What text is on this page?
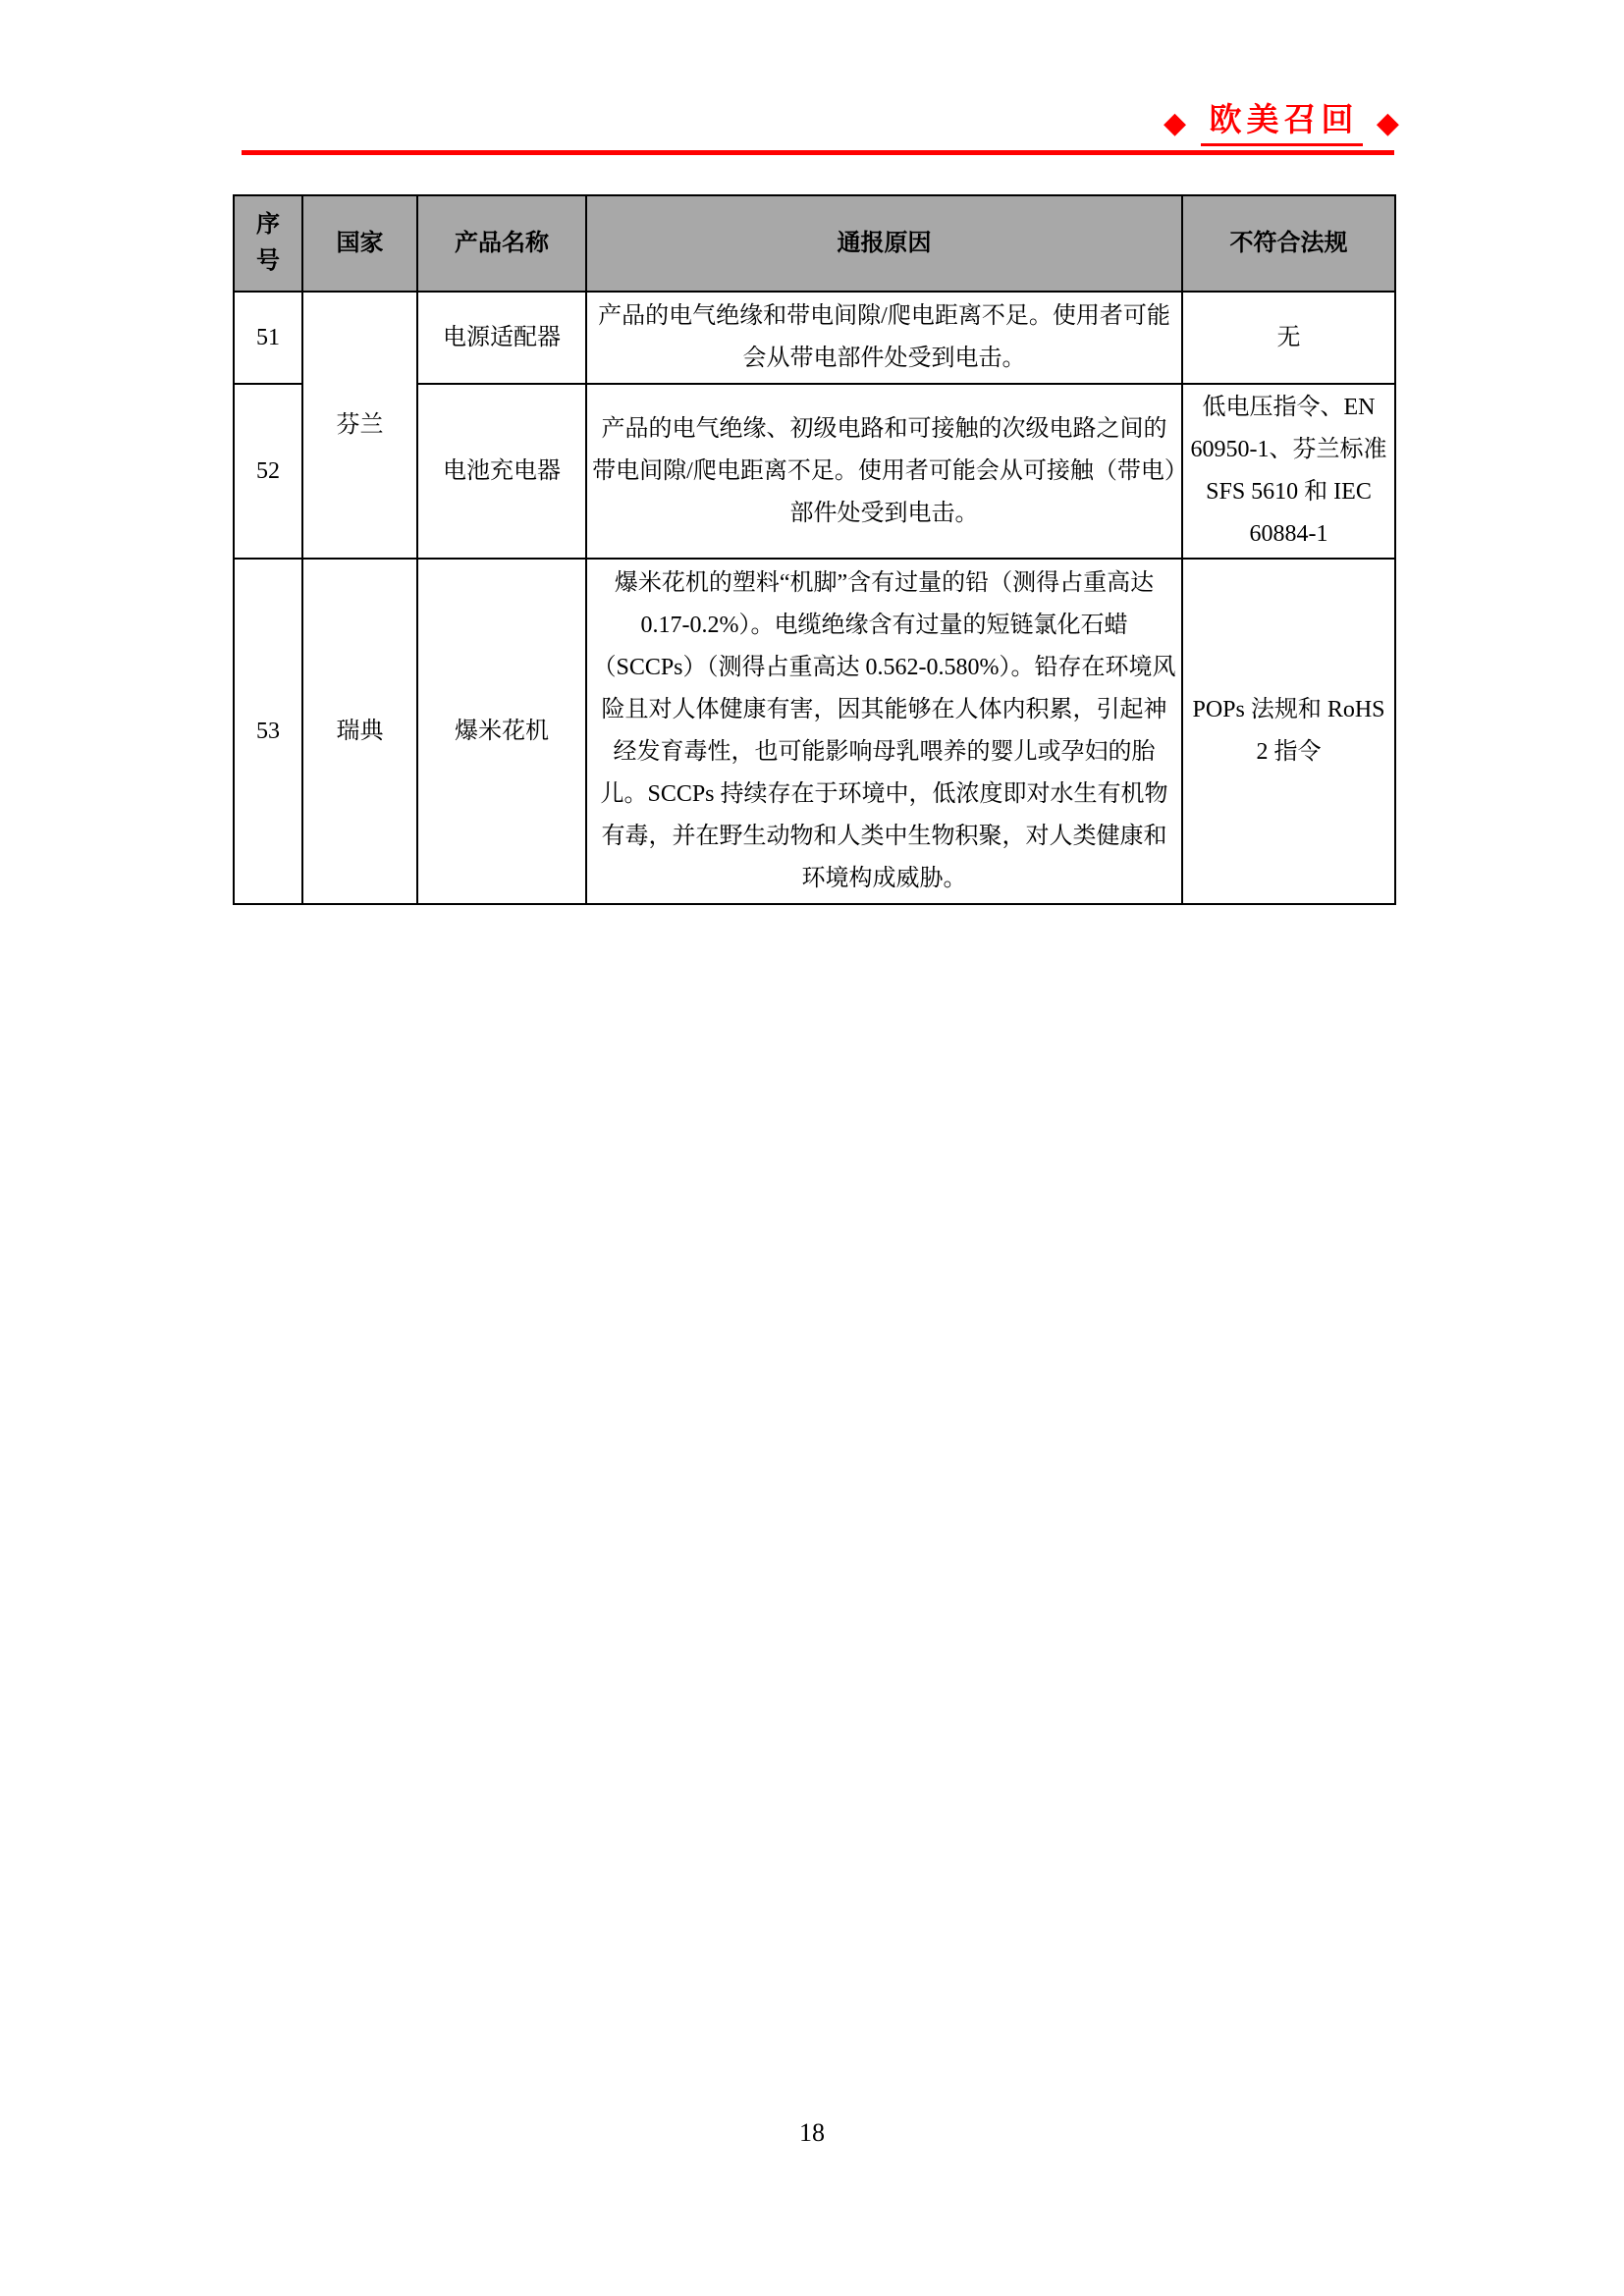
◆ 欧美召回 ◆
序号	国家	产品名称	通报原因	不符合法规
51	芬兰	电源适配器	产品的电气绝缘和带电间隙/爬电距离不足。使用者可能会从带电部件处受到电击。	无
52		电池充电器	产品的电气绝缘、初级电路和可接触的次级电路之间的带电间隙/爬电距离不足。使用者可能会从可接触（带电）部件处受到电击。	低电压指令、EN 60950-1、芬兰标准 SFS 5610 和 IEC 60884-1
53	瑞典	爆米花机	爆米花机的塑料“机脚”含有过量的铅（测得占重高达 0.17-0.2%）。电缆绝缘含有过量的短链氯化石蜡（SCCPs）（测得占重高达 0.562-0.580%）。铅存在环境风险且对人体健康有害，因其能够在人体内积累，引起神经发育毒性，也可能影响母乳喂养的婴儿或孕妇的胎儿。SCCPs 持续存在于环境中，低浓度即对水生有机物有毒，并在野生动物和人类中生物积聚，对人类健康和环境构成威胁。	POPs 法规和 RoHS 2 指令
18
